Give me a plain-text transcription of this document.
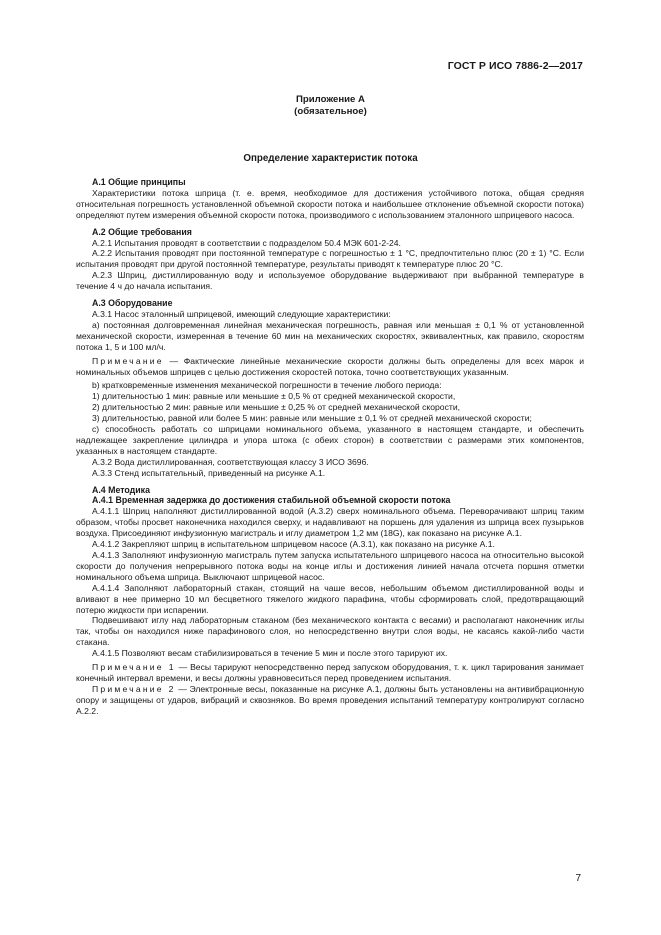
ГОСТ Р ИСО 7886-2—2017
Приложение А
(обязательное)
Определение характеристик потока
А.1 Общие принципы

Характеристики потока шприца (т. е. время, необходимое для достижения устойчивого потока, общая средняя относительная погрешность установленной объемной скорости потока и наибольшее отклонение объемной скорости потока) определяют путем измерения объемной скорости потока, производимого с использованием эталонного шприцевого насоса.

А.2 Общие требования

А.2.1 Испытания проводят в соответствии с подразделом 50.4 МЭК 601-2-24.

А.2.2 Испытания проводят при постоянной температуре с погрешностью ± 1 °С, предпочтительно плюс (20 ± 1) °С. Если испытания проводят при другой постоянной температуре, результаты приводят к температуре плюс 20 °С.

А.2.3 Шприц, дистиллированную воду и используемое оборудование выдерживают при выбранной температуре в течение 4 ч до начала испытания.

А.3 Оборудование

А.3.1 Насос эталонный шприцевой, имеющий следующие характеристики:

а) постоянная долговременная линейная механическая погрешность, равная или меньшая ± 0,1 % от установленной механической скорости, измеренная в течение 60 мин на механических скоростях, эквивалентных, как правило, скоростям потока 1, 5 и 100 мл/ч.

Примечание — Фактические линейные механические скорости должны быть определены для всех марок и номинальных объемов шприцев с целью достижения скоростей потока, точно соответствующих указанным.

b) кратковременные изменения механической погрешности в течение любого периода:

1) длительностью 1 мин: равные или меньшие ± 0,5 % от средней механической скорости,

2) длительностью 2 мин: равные или меньшие ± 0,25 % от средней механической скорости,

3) длительностью, равной или более 5 мин: равные или меньшие ± 0,1 % от средней механической скорости;

c) способность работать со шприцами номинального объема, указанного в настоящем стандарте, и обеспечить надлежащее закрепление цилиндра и упора штока (с обеих сторон) в соответствии с размерами этих компонентов, указанных в настоящем стандарте.

А.3.2 Вода дистиллированная, соответствующая классу 3 ИСО 3696.

А.3.3 Стенд испытательный, приведенный на рисунке А.1.

А.4 Методика
А.4.1 Временная задержка до достижения стабильной объемной скорости потока

А.4.1.1 Шприц наполняют дистиллированной водой (А.3.2) сверх номинального объема. Переворачивают шприц таким образом, чтобы просвет наконечника находился сверху, и надавливают на поршень для удаления из шприца всех пузырьков воздуха. Присоединяют инфузионную магистраль и иглу диаметром 1,2 мм (18G), как показано на рисунке А.1.

А.4.1.2 Закрепляют шприц в испытательном шприцевом насосе (А.3.1), как показано на рисунке А.1.

А.4.1.3 Заполняют инфузионную магистраль путем запуска испытательного шприцевого насоса на относительно высокой скорости до получения непрерывного потока воды на конце иглы и достижения линией начала отсчета поршня отметки номинального объема шприца. Выключают шприцевой насос.

А.4.1.4 Заполняют лабораторный стакан, стоящий на чаше весов, небольшим объемом дистиллированной воды и вливают в нее примерно 10 мл бесцветного тяжелого жидкого парафина, чтобы сформировать слой, предотвращающий потерю жидкости при испарении.

Подвешивают иглу над лабораторным стаканом (без механического контакта с весами) и располагают наконечник иглы так, чтобы он находился ниже парафинового слоя, но непосредственно внутри слоя воды, не касаясь какой-либо части стакана.

А.4.1.5 Позволяют весам стабилизироваться в течение 5 мин и после этого тарируют их.

Примечание 1 — Весы тарируют непосредственно перед запуском оборудования, т. к. цикл тарирования занимает конечный интервал времени, и весы должны уравновеситься перед проведением испытания.

Примечание 2 — Электронные весы, показанные на рисунке А.1, должны быть установлены на антивибрационную опору и защищены от ударов, вибраций и сквозняков. Во время проведения испытаний температуру контролируют согласно А.2.2.

7
